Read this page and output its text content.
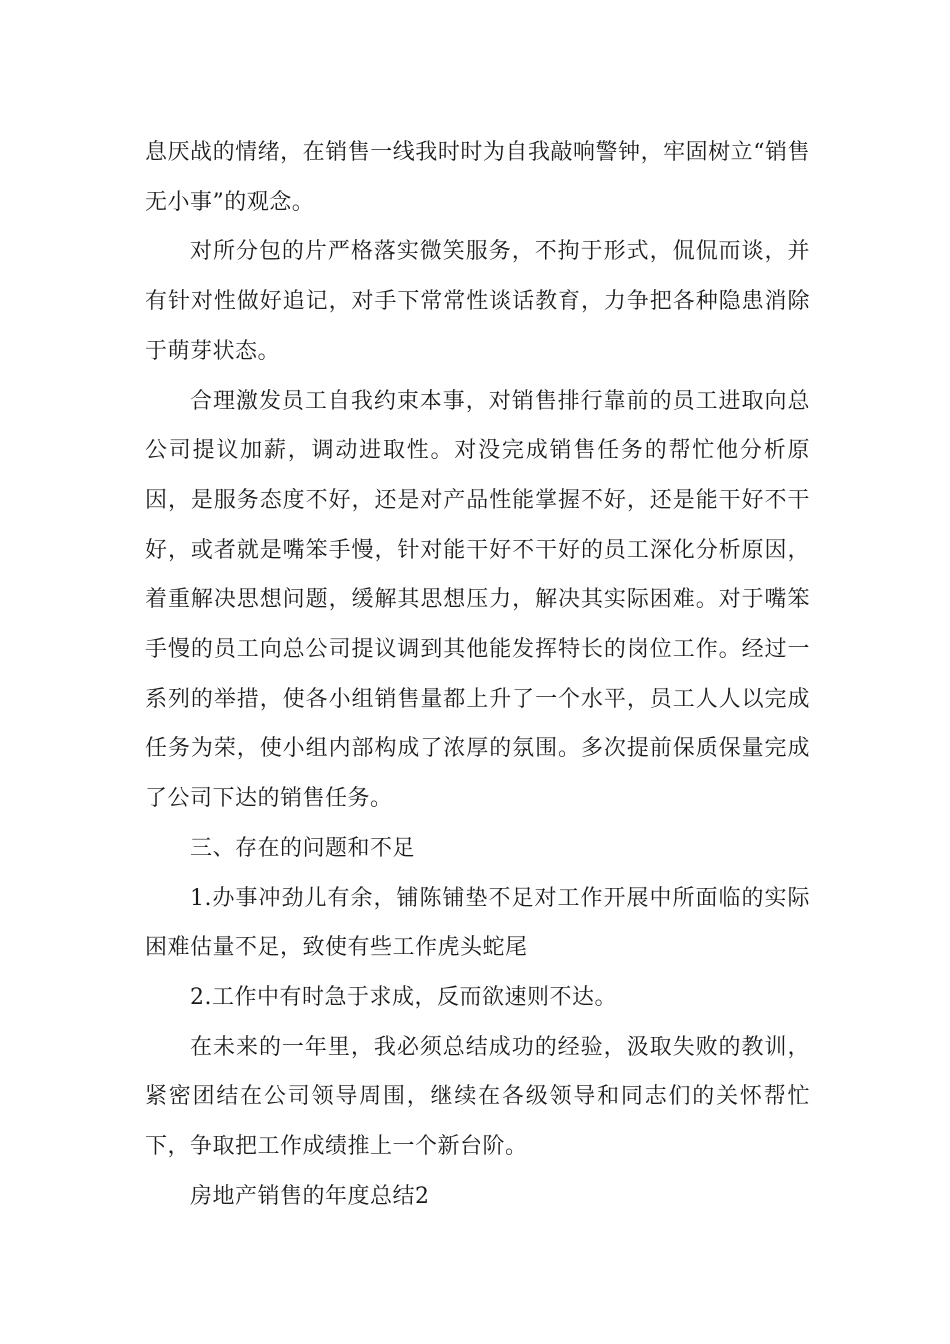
息厌战的情绪，在销售一线我时时为自我敲响警钟，牢固树立“销售无小事”的观念。

对所分包的片严格落实微笑服务，不拘于形式，侃侃而谈，并有针对性做好追记，对手下常常性谈话教育，力争把各种隐患消除于萌芽状态。

合理激发员工自我约束本事，对销售排行靠前的员工进取向总公司提议加薪，调动进取性。对没完成销售任务的帮忙他分析原因，是服务态度不好，还是对产品性能掌握不好，还是能干好不干好，或者就是嘴笨手慢，针对能干好不干好的员工深化分析原因，着重解决思想问题，缓解其思想压力，解决其实际困难。对于嘴笨手慢的员工向总公司提议调到其他能发挥特长的岗位工作。经过一系列的举措，使各小组销售量都上升了一个水平，员工人人以完成任务为荣，使小组内部构成了浓厚的氛围。多次提前保质保量完成了公司下达的销售任务。

三、存在的问题和不足

1.办事冲劲儿有余，铺陈铺垫不足对工作开展中所面临的实际困难估量不足，致使有些工作虎头蛇尾

2.工作中有时急于求成，反而欲速则不达。

在未来的一年里，我必须总结成功的经验，汲取失败的教训，紧密团结在公司领导周围，继续在各级领导和同志们的关怀帮忙下，争取把工作成绩推上一个新台阶。

房地产销售的年度总结2
